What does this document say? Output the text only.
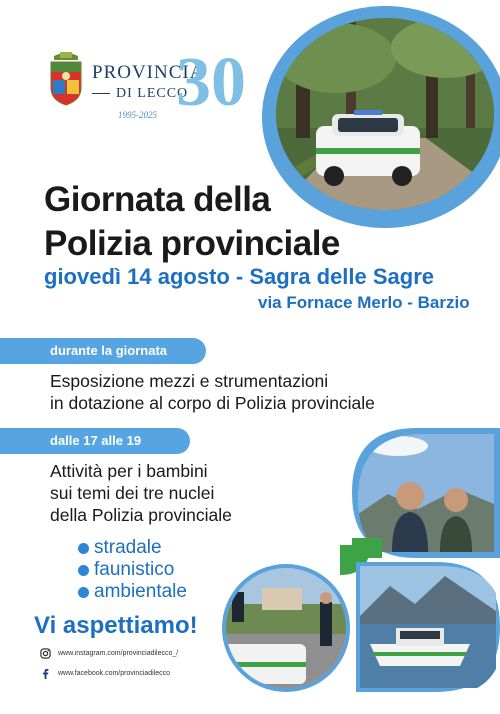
PROVINCIA
DI LECCO
1995-2025 30
Giornata della
Polizia provinciale
giovedì 14 agosto - Sagra delle Sagre
via Fornace Merlo - Barzio
durante la giornata
Esposizione mezzi e strumentazioni
in dotazione al corpo di Polizia provinciale
dalle 17 alle 19
Attività per i bambini
sui temi dei tre nuclei
della Polizia provinciale
stradale
faunistico
ambientale
Vi aspettiamo!
www.instagram.com/provinciadilecco_/
www.facebook.com/provinciadilecco
